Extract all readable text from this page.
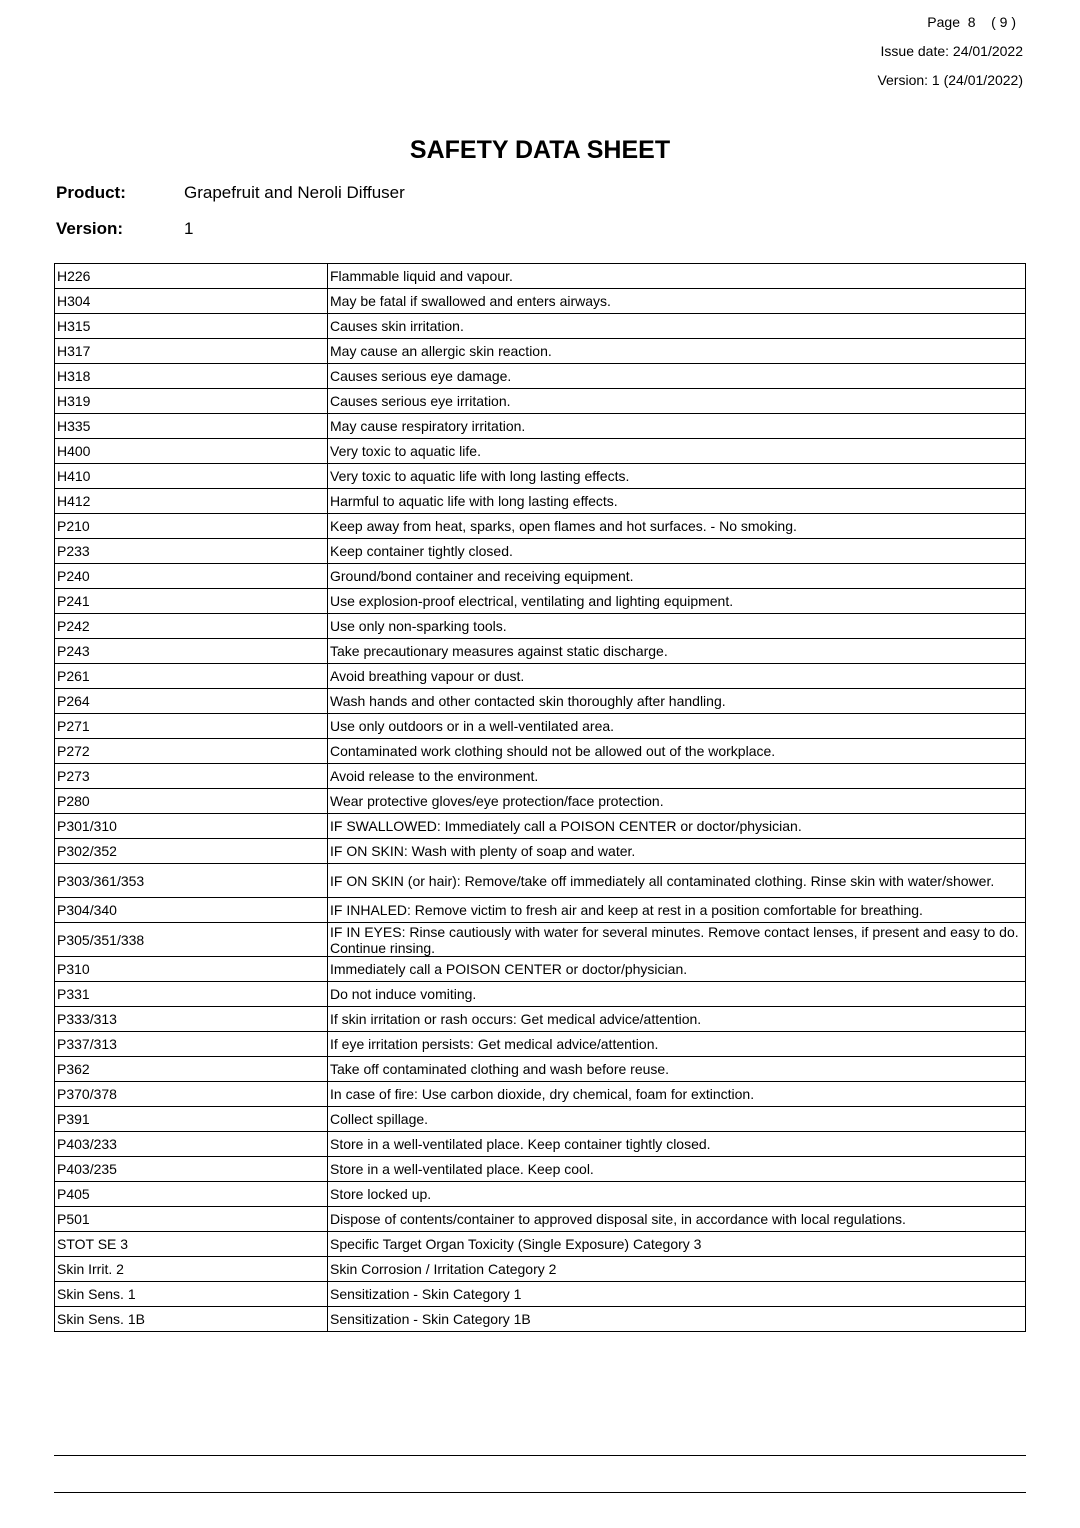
Page  8    ( 9 )
Issue date: 24/01/2022
Version: 1 (24/01/2022)
SAFETY DATA SHEET
Product:	Grapefruit and Neroli Diffuser
Version:	1
H226	Flammable liquid and vapour.
H304	May be fatal if swallowed and enters airways.
H315	Causes skin irritation.
H317	May cause an allergic skin reaction.
H318	Causes serious eye damage.
H319	Causes serious eye irritation.
H335	May cause respiratory irritation.
H400	Very toxic to aquatic life.
H410	Very toxic to aquatic life with long lasting effects.
H412	Harmful to aquatic life with long lasting effects.
P210	Keep away from heat, sparks, open flames and hot surfaces. - No smoking.
P233	Keep container tightly closed.
P240	Ground/bond container and receiving equipment.
P241	Use explosion-proof electrical, ventilating and lighting equipment.
P242	Use only non-sparking tools.
P243	Take precautionary measures against static discharge.
P261	Avoid breathing vapour or dust.
P264	Wash hands and other contacted skin thoroughly after handling.
P271	Use only outdoors or in a well-ventilated area.
P272	Contaminated work clothing should not be allowed out of the workplace.
P273	Avoid release to the environment.
P280	Wear protective gloves/eye protection/face protection.
P301/310	IF SWALLOWED: Immediately call a POISON CENTER or doctor/physician.
P302/352	IF ON SKIN: Wash with plenty of soap and water.
P303/361/353	IF ON SKIN (or hair): Remove/take off immediately all contaminated clothing. Rinse skin with water/shower.
P304/340	IF INHALED: Remove victim to fresh air and keep at rest in a position comfortable for breathing.
P305/351/338	IF IN EYES: Rinse cautiously with water for several minutes. Remove contact lenses, if present and easy to do. Continue rinsing.
P310	Immediately call a POISON CENTER or doctor/physician.
P331	Do not induce vomiting.
P333/313	If skin irritation or rash occurs: Get medical advice/attention.
P337/313	If eye irritation persists: Get medical advice/attention.
P362	Take off contaminated clothing and wash before reuse.
P370/378	In case of fire: Use carbon dioxide, dry chemical, foam for extinction.
P391	Collect spillage.
P403/233	Store in a well-ventilated place. Keep container tightly closed.
P403/235	Store in a well-ventilated place. Keep cool.
P405	Store locked up.
P501	Dispose of contents/container to approved disposal site, in accordance with local regulations.
STOT SE 3	Specific Target Organ Toxicity (Single Exposure) Category 3
Skin Irrit. 2	Skin Corrosion / Irritation Category 2
Skin Sens. 1	Sensitization - Skin Category 1
Skin Sens. 1B	Sensitization - Skin Category 1B
